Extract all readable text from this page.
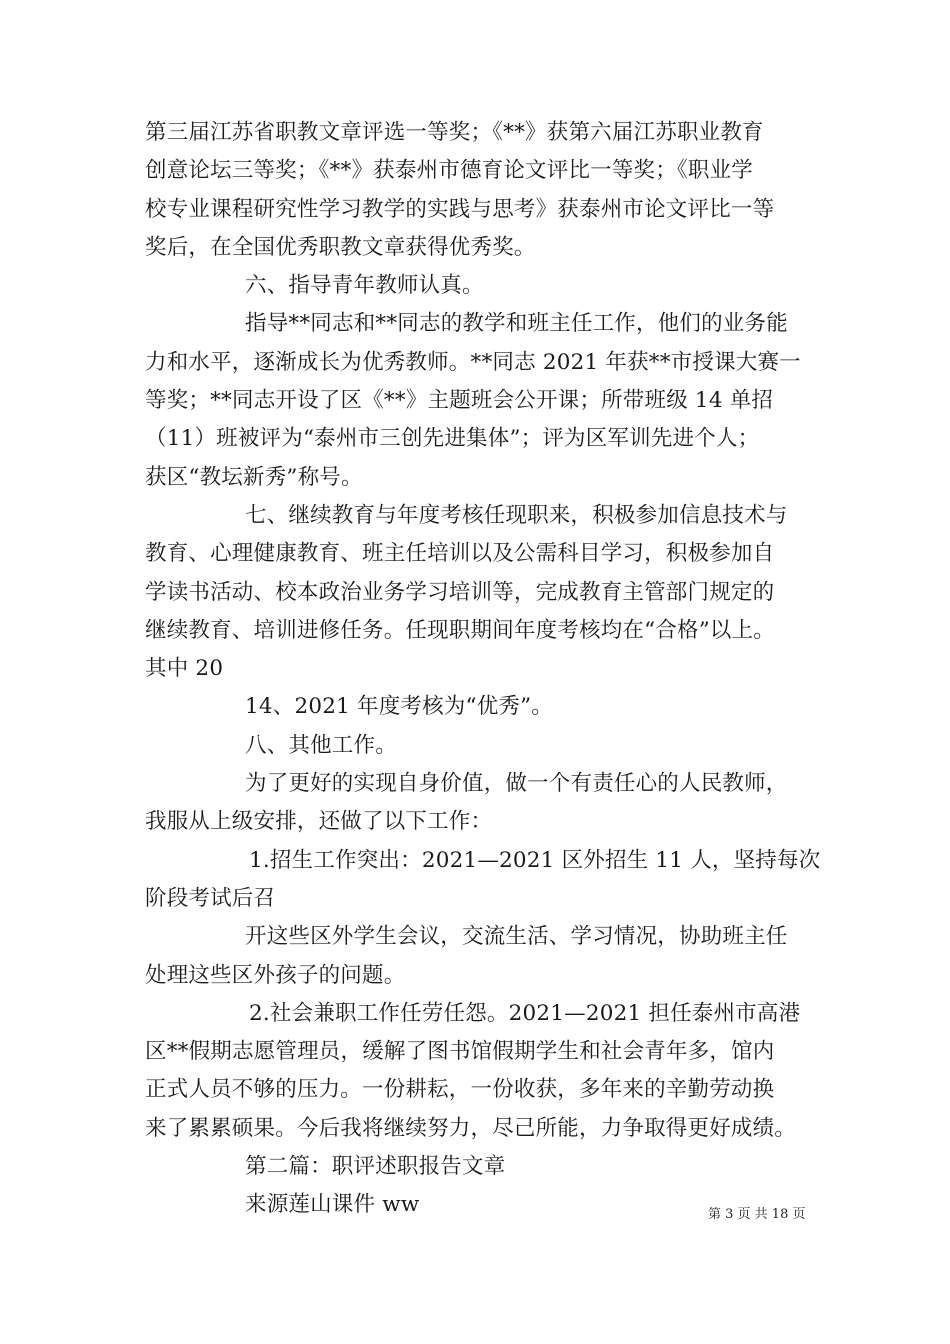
第三届江苏省职教文章评选一等奖；《**》获第六届江苏职业教育
创意论坛三等奖；《**》获泰州市德育论文评比一等奖；《职业学
校专业课程研究性学习教学的实践与思考》获泰州市论文评比一等
奖后，在全国优秀职教文章获得优秀奖。
六、指导青年教师认真。
指导**同志和**同志的教学和班主任工作，他们的业务能
力和水平，逐渐成长为优秀教师。**同志 2021 年获**市授课大赛一
等奖；**同志开设了区《**》主题班会公开课；所带班级 14 单招
（11）班被评为“泰州市三创先进集体”；评为区军训先进个人；
获区“教坛新秀”称号。
七、继续教育与年度考核任现职来，积极参加信息技术与
教育、心理健康教育、班主任培训以及公需科目学习，积极参加自
学读书活动、校本政治业务学习培训等，完成教育主管部门规定的
继续教育、培训进修任务。任现职期间年度考核均在“合格”以上。
其中 20
14、2021 年度考核为“优秀”。
八、其他工作。
为了更好的实现自身价值，做一个有责任心的人民教师，
我服从上级安排，还做了以下工作：
1.招生工作突出：2021—2021 区外招生 11 人，坚持每次
阶段考试后召
开这些区外学生会议，交流生活、学习情况，协助班主任
处理这些区外孩子的问题。
2.社会兼职工作任劳任怨。2021—2021 担任泰州市高港
区**假期志愿管理员，缓解了图书馆假期学生和社会青年多，馆内
正式人员不够的压力。一份耕耘，一份收获，多年来的辛勤劳动换
来了累累硕果。今后我将继续努力，尽己所能，力争取得更好成绩。
第二篇：职评述职报告文章
来源莲山课件 ww	第 3 页 共 18 页
